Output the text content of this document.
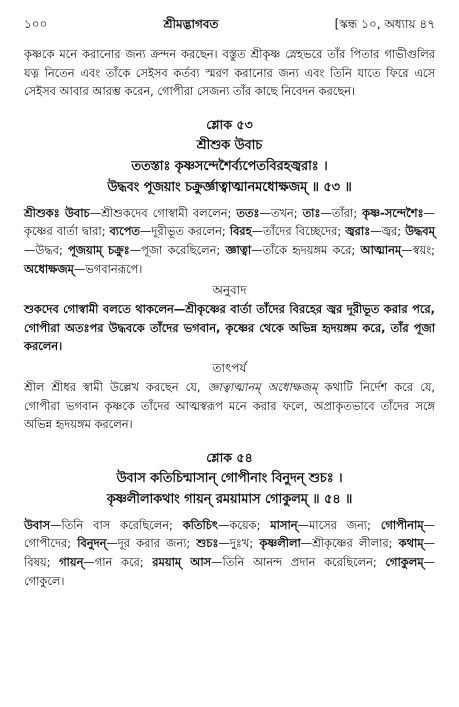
১০০	শ্রীমদ্ভাগবত	[স্কন্ধ ১০, অধ্যায় ৪৭

কৃষ্ণকে মনে করানোর জন্য ক্রন্দন করছেন। বস্তুত শ্রীকৃষ্ণ স্নেহভরে তাঁর পিতার গাভীগুলির যত্ন নিতেন এবং তাঁকে সেইসব কর্তব্য স্মরণ করানোর জন্য এবং তিনি যাতে ফিরে এসে সেইসব আবার আরম্ভ করেন, গোপীরা সেজন্য তাঁর কাছে নিবেদন করছেন।

শ্লোক ৫৩
শ্রীশুক উবাচ
ততস্তাঃ কৃষ্ণসন্দেশৈর্ব্যপেতবিরহজ্বরাঃ ।
উদ্ধবং পূজয়াং চক্রুর্জ্ঞাত্বাত্মানমধোক্ষজম্ ॥ ৫৩ ॥

শ্রীশুকঃ উবাচ—শ্রীশুকদেব গোস্বামী বললেন; ততঃ—তখন; তাঃ—তাঁরা; কৃষ্ণ-সন্দেশৈঃ—কৃষ্ণের বার্তা দ্বারা; ব্যপেত—দূরীভূত করলেন; বিরহ—তাঁদের বিচ্ছেদের; জ্বরাঃ—জ্বর; উদ্ধবম্—উদ্ধব; পূজয়াম্ চক্রুঃ—পূজা করেছিলেন; জ্ঞাত্বা—তাঁকে হৃদয়ঙ্গম করে; আত্মানম্—স্বয়ং; অধোক্ষজম্—ভগবানরূপে।

অনুবাদ

শুকদেব গোস্বামী বলতে থাকলেন—শ্রীকৃষ্ণের বার্তা তাঁদের বিরহের জ্বর দূরীভূত করার পরে, গোপীরা অতঃপর উদ্ধবকে তাঁদের ভগবান, কৃষ্ণের থেকে অভিন্ন হৃদয়ঙ্গম করে, তাঁর পূজা করলেন।

তাৎপর্য

শ্রীল শ্রীধর স্বামী উল্লেখ করছেন যে, জ্ঞাত্বাত্মানম্ অধোক্ষজম্ কথাটি নির্দেশ করে যে, গোপীরা ভগবান কৃষ্ণকে তাঁদের আত্মস্বরূপ মনে করার ফলে, অপ্রাকৃতভাবে তাঁদের সঙ্গে অভিন্ন হৃদয়ঙ্গম করলেন।

শ্লোক ৫৪
উবাস কতিচিন্মাসান্ গোপীনাং বিনুদন্ শুচঃ ।
কৃষ্ণলীলাকথাং গায়ন্ রময়ামাস গোকুলম্ ॥ ৫৪ ॥

উবাস—তিনি বাস করেছিলেন; কতিচিৎ—কয়েক; মাসান্—মাসের জন্য; গোপীনাম্—গোপীদের; বিনুদন্—দূর করার জন্য; শুচঃ—দুঃখ; কৃষ্ণলীলা—শ্রীকৃষ্ণের লীলার; কথাম্—বিষয়; গায়ন্—গান করে; রময়াম্ আস—তিনি আনন্দ প্রদান করেছিলেন; গোকুলম্—গোকুলে।
